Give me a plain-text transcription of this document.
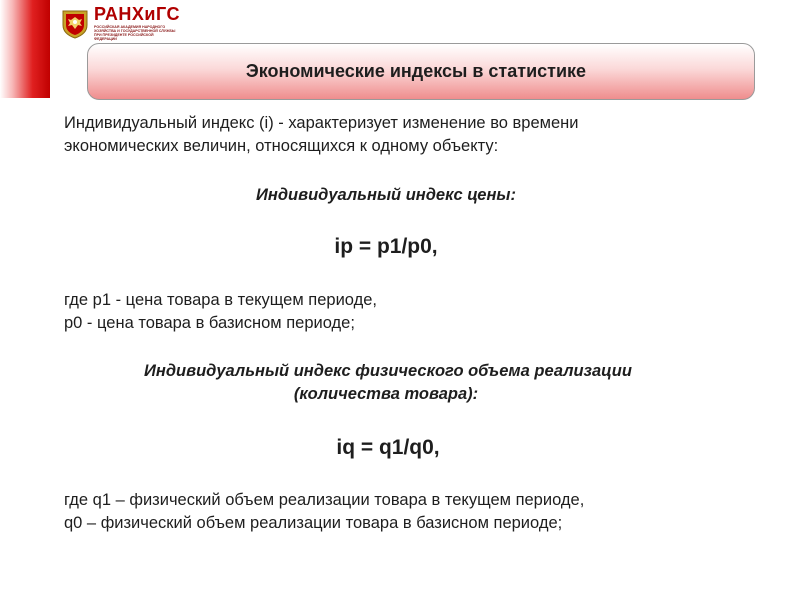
РАНХиГС
РОССИЙСКАЯ АКАДЕМИЯ НАРОДНОГО ХОЗЯЙСТВА И ГОСУДАРСТВЕННОЙ СЛУЖБЫ ПРИ ПРЕЗИДЕНТЕ РОССИЙСКОЙ ФЕДЕРАЦИИ
Экономические индексы в статистике
Индивидуальный индекс (i) - характеризует изменение во времени
экономических величин, относящихся к одному объекту:
Индивидуальный индекс цены:
ip = p1/p0,
где p1 - цена товара в текущем периоде,
p0 - цена товара в базисном периоде;
Индивидуальный индекс физического объема реализации
(количества товара):
iq = q1/q0,
где q1 – физический объем реализации товара в текущем периоде,
q0 – физический объем реализации товара в базисном периоде;
